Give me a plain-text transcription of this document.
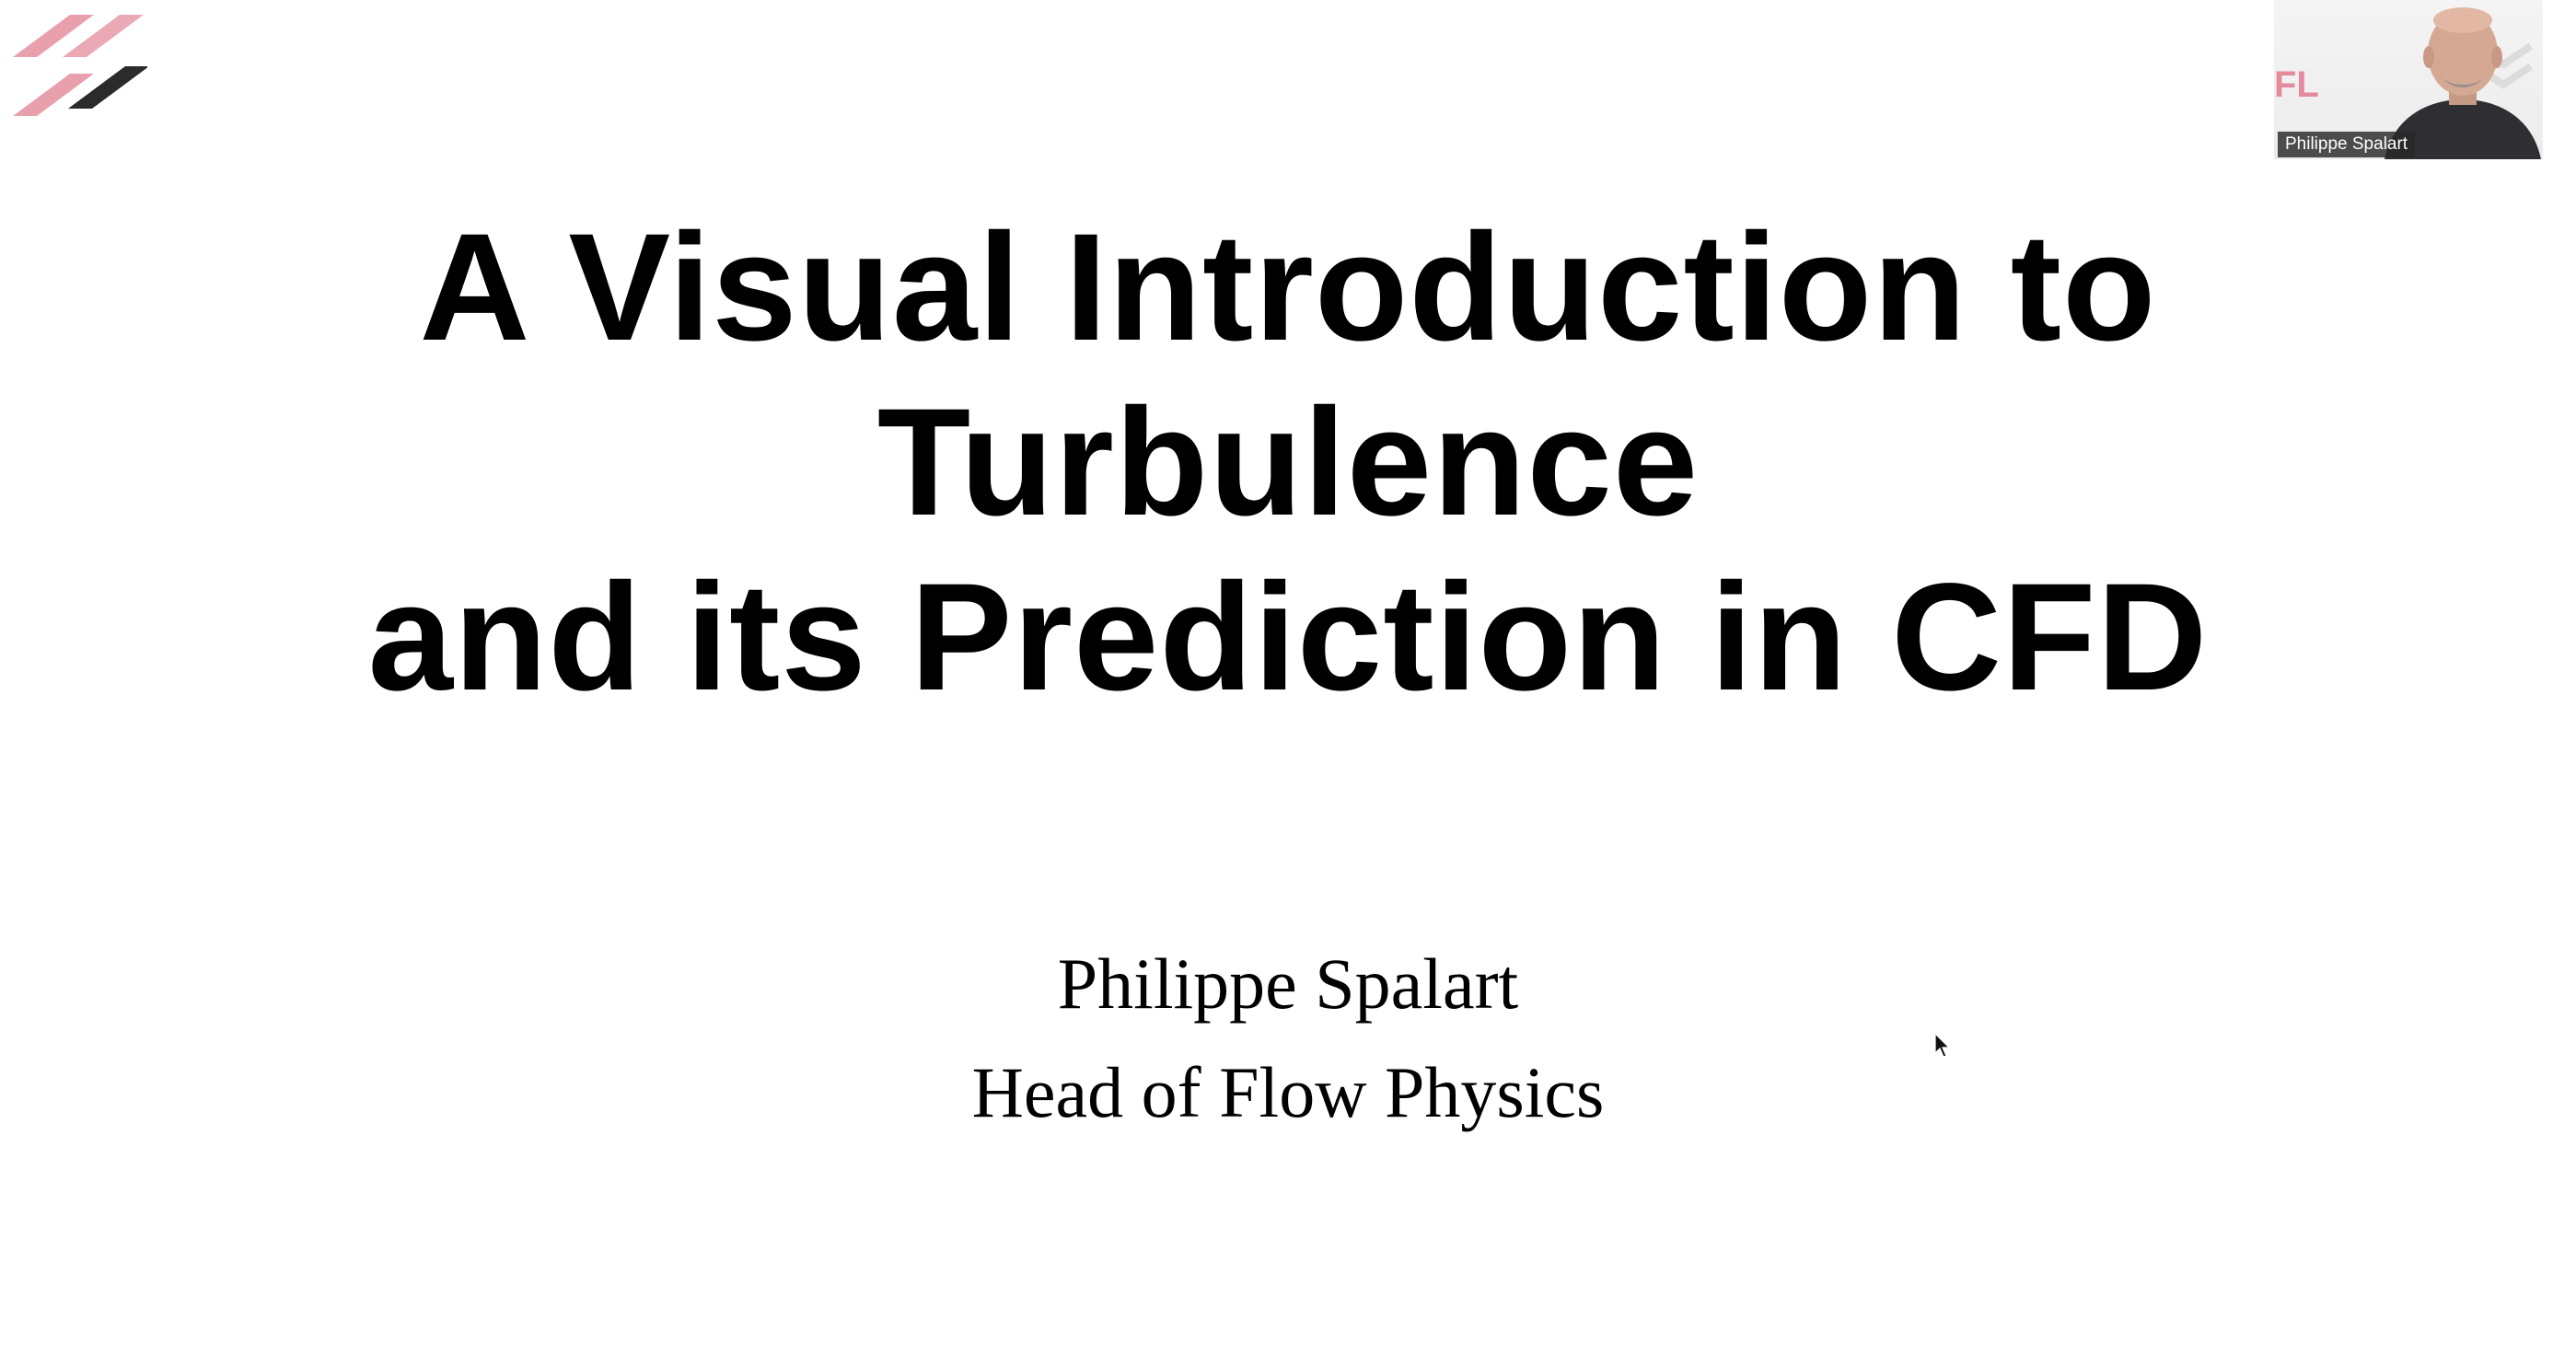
A Visual Introduction to
Turbulence
and its Prediction in CFD
Philippe Spalart
Head of Flow Physics
FL
Philippe Spalart
